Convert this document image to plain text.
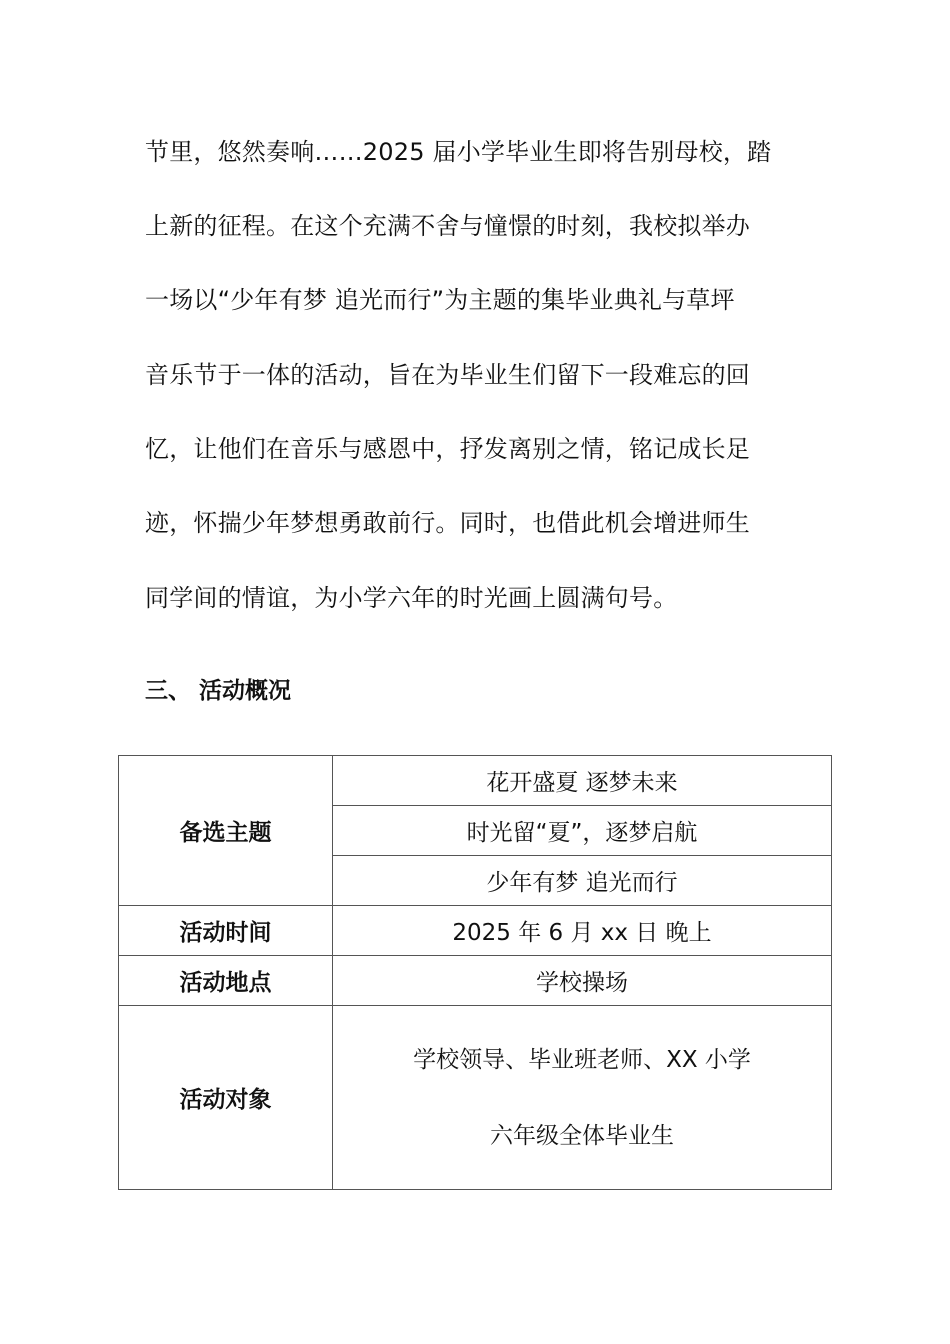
节里，悠然奏响……2025 届小学毕业生即将告别母校，踏
上新的征程。在这个充满不舍与憧憬的时刻，我校拟举办
一场以“少年有梦 追光而行”为主题的集毕业典礼与草坪
音乐节于一体的活动，旨在为毕业生们留下一段难忘的回
忆，让他们在音乐与感恩中，抒发离别之情，铭记成长足
迹，怀揣少年梦想勇敢前行。同时，也借此机会增进师生
同学间的情谊，为小学六年的时光画上圆满句号。
三、 活动概况
备选主题	花开盛夏 逐梦未来
	时光留“夏”，逐梦启航
	少年有梦 追光而行
活动时间	2025 年 6 月 xx 日 晚上
活动地点	学校操场
活动对象	学校领导、毕业班老师、XX 小学
六年级全体毕业生
